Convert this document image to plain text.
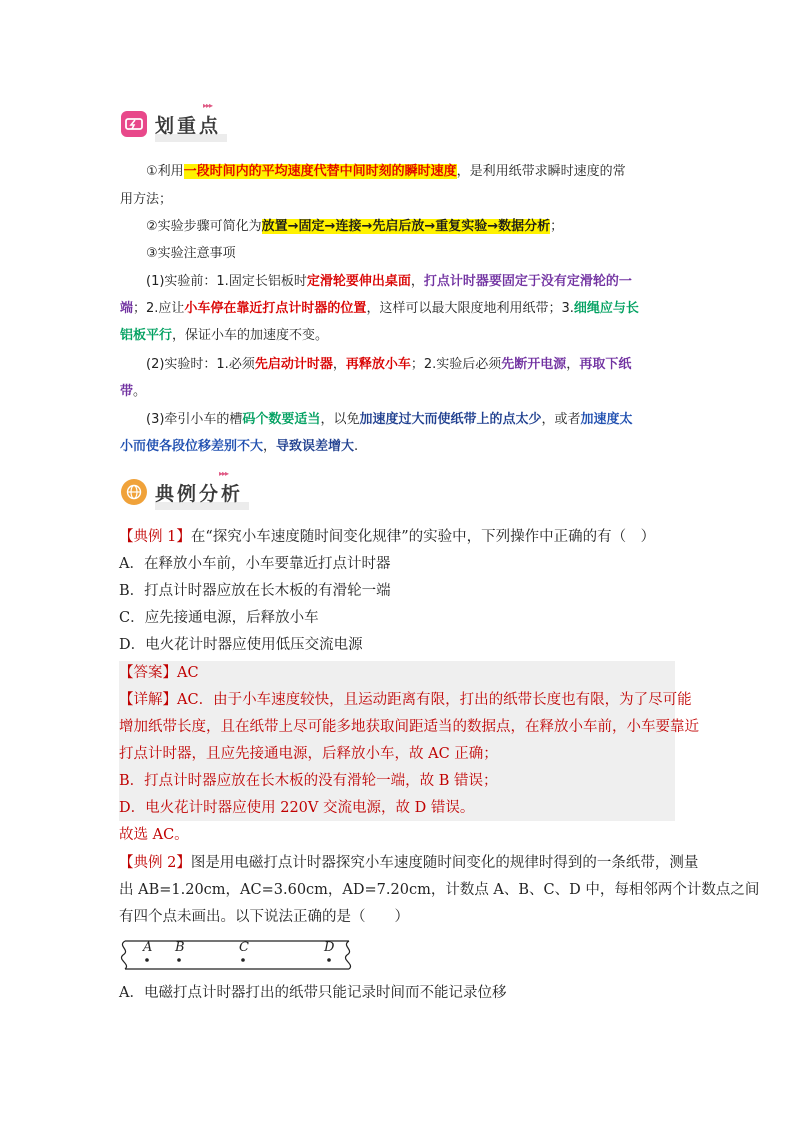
划重点
▸▸▸
①利用一段时间内的平均速度代替中间时刻的瞬时速度，是利用纸带求瞬时速度的常
用方法；
②实验步骤可简化为放置→固定→连接→先启后放→重复实验→数据分析；
③实验注意事项
(1)实验前：1.固定长铝板时定滑轮要伸出桌面，打点计时器要固定于没有定滑轮的一
端；2.应让小车停在靠近打点计时器的位置，这样可以最大限度地利用纸带；3.细绳应与长
铝板平行，保证小车的加速度不变。
(2)实验时：1.必须先启动计时器，再释放小车；2.实验后必须先断开电源，再取下纸
带。
(3)牵引小车的槽码个数要适当，以免加速度过大而使纸带上的点太少，或者加速度太
小而使各段位移差别不大，导致误差增大.
典例分析
▸▸▸
【典例 1】在“探究小车速度随时间变化规律”的实验中，下列操作中正确的有（　）
A．在释放小车前，小车要靠近打点计时器
B．打点计时器应放在长木板的有滑轮一端
C．应先接通电源，后释放小车
D．电火花计时器应使用低压交流电源
【答案】AC
【详解】AC．由于小车速度较快，且运动距离有限，打出的纸带长度也有限，为了尽可能
增加纸带长度，且在纸带上尽可能多地获取间距适当的数据点，在释放小车前，小车要靠近
打点计时器，且应先接通电源，后释放小车，故 AC 正确；
B．打点计时器应放在长木板的没有滑轮一端，故 B 错误；
D．电火花计时器应使用 220V 交流电源，故 D 错误。
故选 AC。
【典例 2】图是用电磁打点计时器探究小车速度随时间变化的规律时得到的一条纸带，测量
出 AB=1.20cm，AC=3.60cm，AD=7.20cm，计数点 A、B、C、D 中，每相邻两个计数点之间
有四个点未画出。以下说法正确的是（　　）
A B	C	D
A．电磁打点计时器打出的纸带只能记录时间而不能记录位移
